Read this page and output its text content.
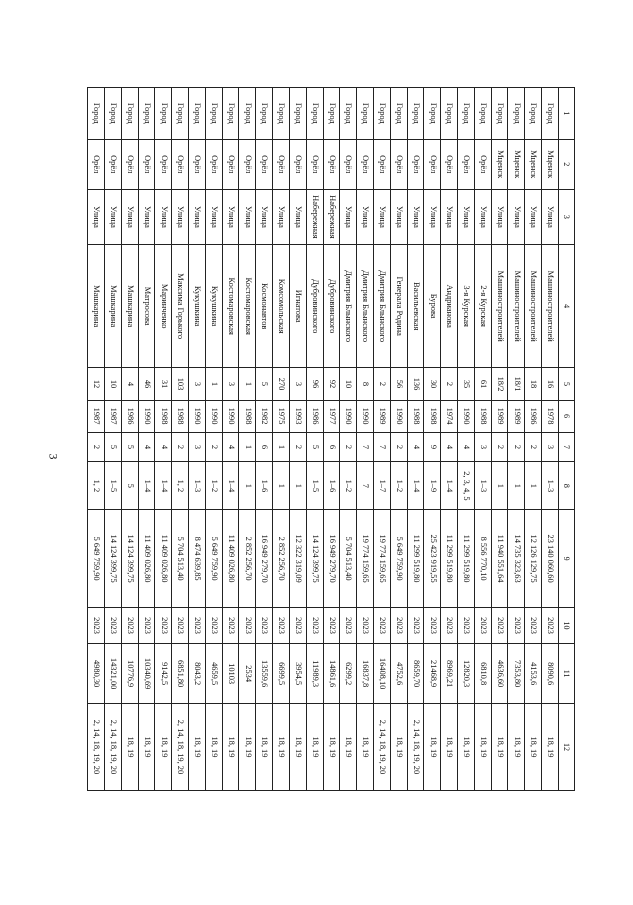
3
1	2	3	4	5	6	7	8	9	10	11	12
Город	Мценск	Улица	Машиностроителей	16	1978	3	1–3	23 140 060,60	2023	8090,6	18, 19
Город	Мценск	Улица	Машиностроителей	18	1986	2	1	12 126 129,75	2023	4153,6	18, 19
Город	Мценск	Улица	Машиностроителей	18/1	1989	2	1	14 735 323,63	2023	7353,80	18, 19
Город	Мценск	Улица	Машиностроителей	18/2	1989	2	1	11 940 551,64	2023	4636,60	18, 19
Город	Орёл	Улица	2-я Курская	61	1988	3	1–3	8 556 770,10	2023	6810,8	18, 19
Город	Орёл	Улица	3-я Курская	35	1990	4	2, 3, 4, 5	11 299 519,80	2023	12820,3	18, 19
Город	Орёл	Улица	Андрианова	2	1974	4	1–4	11 299 519,80	2023	8969,21	18, 19
Город	Орёл	Улица	Бурова	30	1988	9	1–9	25 423 919,55	2023	21468,9	18, 19
Город	Орёл	Улица	Васильевская	136	1988	4	1–4	11 299 519,80	2023	8659,70	2, 14, 18, 19, 20
Город	Орёл	Улица	Генерала Родина	56	1990	2	1–2	5 649 759,90	2023	4752,6	18, 19
Город	Орёл	Улица	Дмитрия Блынского	2	1989	7	1–7	19 774 159,65	2023	16408,10	2, 14, 18, 19, 20
Город	Орёл	Улица	Дмитрия Блынского	8	1990	7	7	19 774 159,65	2023	16837,8	18, 19
Город	Орёл	Улица	Дмитрия Блынского	10	1990	2	1–2	5 704 513,40	2023	6299,2	18, 19
Город	Орёл	Набережная	Дубровинского	92	1977	6	1–6	16 949 279,70	2023	14861,6	18, 19
Город	Орёл	Набережная	Дубровинского	96	1986	5	1–5	14 124 399,75	2023	11989,3	18, 19
Город	Орёл	Улица	Игнатова	3	1993	2	1	12 322 319,09	2023	3954,5	18, 19
Город	Орёл	Улица	Комсомольская	270	1975	1	1	2 852 256,70	2023	6699,5	18, 19
Город	Орёл	Улица	Космонавтов	5	1982	6	1–6	16 949 279,70	2023	13559,6	18, 19
Город	Орёл	Улица	Костомаровская	1	1988	1	1	2 852 256,70	2023	2534	18, 19
Город	Орёл	Улица	Костомаровская	3	1990	4	1–4	11 409 026,80	2023	10103	18, 19
Город	Орёл	Улица	Кукушкина	1	1990	2	1–2	5 649 759,90	2023	4659,5	18, 19
Город	Орёл	Улица	Кукушкина	3	1990	3	1–3	8 474 639,85	2023	8043,2	18, 19
Город	Орёл	Улица	Максима Горького	103	1988	2	1, 2	5 704 513,40	2023	6851,80	2, 14, 18, 19, 20
Город	Орёл	Улица	Маринченко	31	1988	4	1–4	11 409 026,80	2023	9142,5	18, 19
Город	Орёл	Улица	Матросова	46	1990	4	1–4	11 409 026,80	2023	10340,69	18, 19
Город	Орёл	Улица	Машкарина	4	1986	5	5	14 124 399,75	2023	10776,9	18, 19
Город	Орёл	Улица	Машкарина	10	1987	5	1–5	14 124 399,75	2023	14321,00	2, 14, 18, 19, 20
Город	Орёл	Улица	Машкарина	12	1987	2	1, 2	5 649 759,90	2023	4980,30	2, 14, 18, 19, 20
